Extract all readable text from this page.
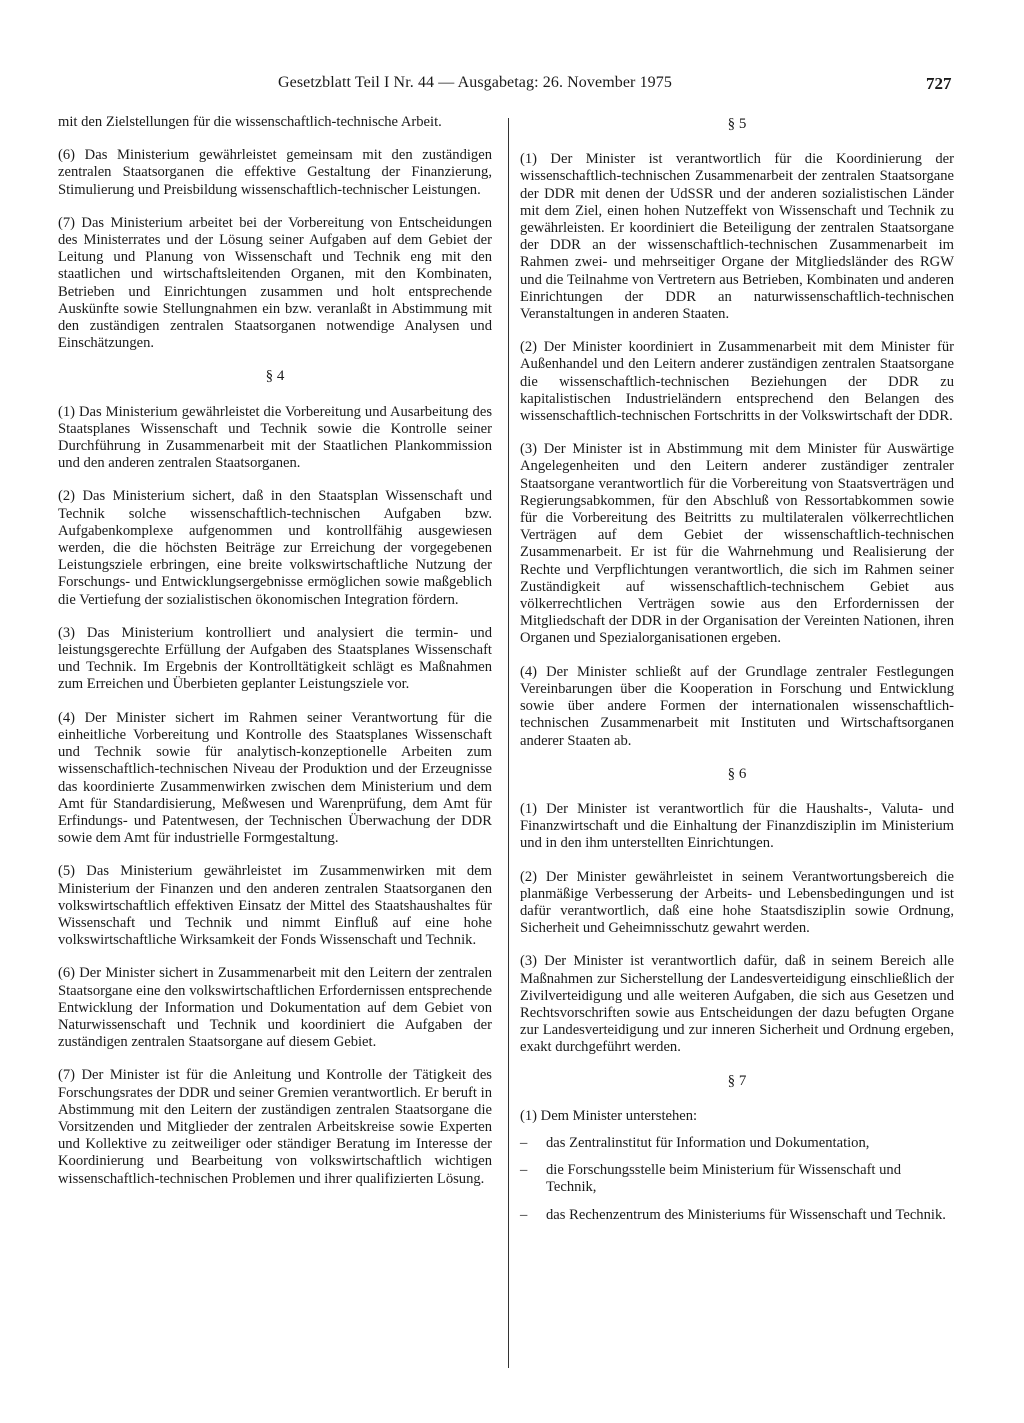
Gesetzblatt Teil I Nr. 44 — Ausgabetag: 26. November 1975	727

mit den Zielstellungen für die wissenschaftlich-technische Arbeit.

(6) Das Ministerium gewährleistet gemeinsam mit den zuständigen zentralen Staatsorganen die effektive Gestaltung der Finanzierung, Stimulierung und Preisbildung wissenschaftlich-technischer Leistungen.

(7) Das Ministerium arbeitet bei der Vorbereitung von Entscheidungen des Ministerrates und der Lösung seiner Aufgaben auf dem Gebiet der Leitung und Planung von Wissenschaft und Technik eng mit den staatlichen und wirtschaftsleitenden Organen, mit den Kombinaten, Betrieben und Einrichtungen zusammen und holt entsprechende Auskünfte sowie Stellungnahmen ein bzw. veranlaßt in Abstimmung mit den zuständigen zentralen Staatsorganen notwendige Analysen und Einschätzungen.

§ 4

(1) Das Ministerium gewährleistet die Vorbereitung und Ausarbeitung des Staatsplanes Wissenschaft und Technik sowie die Kontrolle seiner Durchführung in Zusammenarbeit mit der Staatlichen Plankommission und den anderen zentralen Staatsorganen.

(2) Das Ministerium sichert, daß in den Staatsplan Wissenschaft und Technik solche wissenschaftlich-technischen Aufgaben bzw. Aufgabenkomplexe aufgenommen und kontrollfähig ausgewiesen werden, die die höchsten Beiträge zur Erreichung der vorgegebenen Leistungsziele erbringen, eine breite volkswirtschaftliche Nutzung der Forschungs- und Entwicklungsergebnisse ermöglichen sowie maßgeblich die Vertiefung der sozialistischen ökonomischen Integration fördern.

(3) Das Ministerium kontrolliert und analysiert die termin- und leistungsgerechte Erfüllung der Aufgaben des Staatsplanes Wissenschaft und Technik. Im Ergebnis der Kontrolltätigkeit schlägt es Maßnahmen zum Erreichen und Überbieten geplanter Leistungsziele vor.

(4) Der Minister sichert im Rahmen seiner Verantwortung für die einheitliche Vorbereitung und Kontrolle des Staatsplanes Wissenschaft und Technik sowie für analytisch-konzeptionelle Arbeiten zum wissenschaftlich-technischen Niveau der Produktion und der Erzeugnisse das koordinierte Zusammenwirken zwischen dem Ministerium und dem Amt für Standardisierung, Meßwesen und Warenprüfung, dem Amt für Erfindungs- und Patentwesen, der Technischen Überwachung der DDR sowie dem Amt für industrielle Formgestaltung.

(5) Das Ministerium gewährleistet im Zusammenwirken mit dem Ministerium der Finanzen und den anderen zentralen Staatsorganen den volkswirtschaftlich effektiven Einsatz der Mittel des Staatshaushaltes für Wissenschaft und Technik und nimmt Einfluß auf eine hohe volkswirtschaftliche Wirksamkeit der Fonds Wissenschaft und Technik.

(6) Der Minister sichert in Zusammenarbeit mit den Leitern der zentralen Staatsorgane eine den volkswirtschaftlichen Erfordernissen entsprechende Entwicklung der Information und Dokumentation auf dem Gebiet von Naturwissenschaft und Technik und koordiniert die Aufgaben der zuständigen zentralen Staatsorgane auf diesem Gebiet.

(7) Der Minister ist für die Anleitung und Kontrolle der Tätigkeit des Forschungsrates der DDR und seiner Gremien verantwortlich. Er beruft in Abstimmung mit den Leitern der zuständigen zentralen Staatsorgane die Vorsitzenden und Mitglieder der zentralen Arbeitskreise sowie Experten und Kollektive zu zeitweiliger oder ständiger Beratung im Interesse der Koordinierung und Bearbeitung von volkswirtschaftlich wichtigen wissenschaftlich-technischen Problemen und ihrer qualifizierten Lösung.

§ 5

(1) Der Minister ist verantwortlich für die Koordinierung der wissenschaftlich-technischen Zusammenarbeit der zentralen Staatsorgane der DDR mit denen der UdSSR und der anderen sozialistischen Länder mit dem Ziel, einen hohen Nutzeffekt von Wissenschaft und Technik zu gewährleisten. Er koordiniert die Beteiligung der zentralen Staatsorgane der DDR an der wissenschaftlich-technischen Zusammenarbeit im Rahmen zwei- und mehrseitiger Organe der Mitgliedsländer des RGW und die Teilnahme von Vertretern aus Betrieben, Kombinaten und anderen Einrichtungen der DDR an naturwissenschaftlich-technischen Veranstaltungen in anderen Staaten.

(2) Der Minister koordiniert in Zusammenarbeit mit dem Minister für Außenhandel und den Leitern anderer zuständigen zentralen Staatsorgane die wissenschaftlich-technischen Beziehungen der DDR zu kapitalistischen Industrieländern entsprechend den Belangen des wissenschaftlich-technischen Fortschritts in der Volkswirtschaft der DDR.

(3) Der Minister ist in Abstimmung mit dem Minister für Auswärtige Angelegenheiten und den Leitern anderer zuständiger zentraler Staatsorgane verantwortlich für die Vorbereitung von Staatsverträgen und Regierungsabkommen, für den Abschluß von Ressortabkommen sowie für die Vorbereitung des Beitritts zu multilateralen völkerrechtlichen Verträgen auf dem Gebiet der wissenschaftlich-technischen Zusammenarbeit. Er ist für die Wahrnehmung und Realisierung der Rechte und Verpflichtungen verantwortlich, die sich im Rahmen seiner Zuständigkeit auf wissenschaftlich-technischem Gebiet aus völkerrechtlichen Verträgen sowie aus den Erfordernissen der Mitgliedschaft der DDR in der Organisation der Vereinten Nationen, ihren Organen und Spezialorganisationen ergeben.

(4) Der Minister schließt auf der Grundlage zentraler Festlegungen Vereinbarungen über die Kooperation in Forschung und Entwicklung sowie über andere Formen der internationalen wissenschaftlich-technischen Zusammenarbeit mit Instituten und Wirtschaftsorganen anderer Staaten ab.

§ 6

(1) Der Minister ist verantwortlich für die Haushalts-, Valuta- und Finanzwirtschaft und die Einhaltung der Finanzdisziplin im Ministerium und in den ihm unterstellten Einrichtungen.

(2) Der Minister gewährleistet in seinem Verantwortungsbereich die planmäßige Verbesserung der Arbeits- und Lebensbedingungen und ist dafür verantwortlich, daß eine hohe Staatsdisziplin sowie Ordnung, Sicherheit und Geheimnisschutz gewahrt werden.

(3) Der Minister ist verantwortlich dafür, daß in seinem Bereich alle Maßnahmen zur Sicherstellung der Landesverteidigung einschließlich der Zivilverteidigung und alle weiteren Aufgaben, die sich aus Gesetzen und Rechtsvorschriften sowie aus Entscheidungen der dazu befugten Organe zur Landesverteidigung und zur inneren Sicherheit und Ordnung ergeben, exakt durchgeführt werden.

§ 7

(1) Dem Minister unterstehen:

– das Zentralinstitut für Information und Dokumentation,
– die Forschungsstelle beim Ministerium für Wissenschaft und Technik,
– das Rechenzentrum des Ministeriums für Wissenschaft und Technik.
